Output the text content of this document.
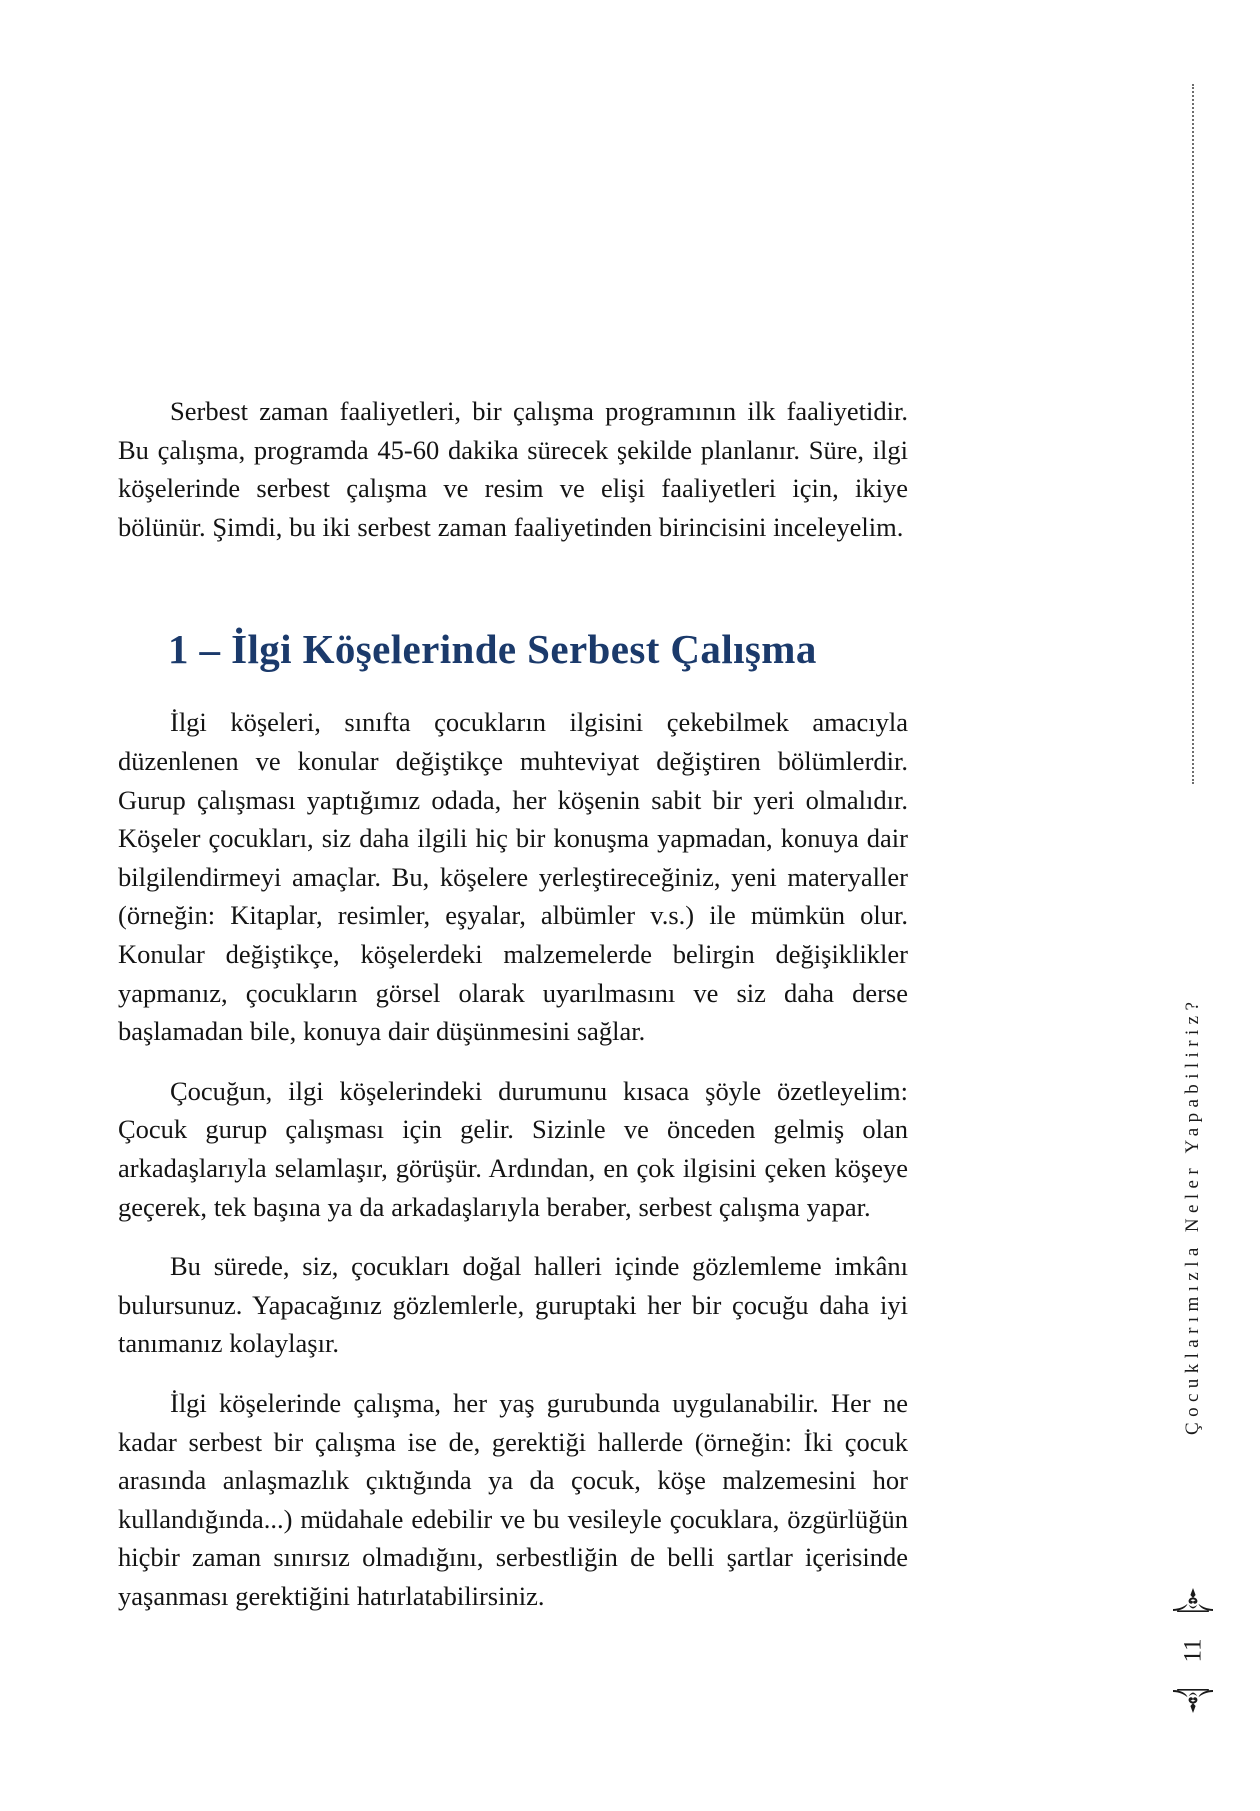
Serbest zaman faaliyetleri, bir çalışma programının ilk faaliyetidir. Bu çalışma, programda 45-60 dakika sürecek şekilde planlanır. Süre, ilgi köşelerinde serbest çalışma ve resim ve elişi faaliyetleri için, ikiye bölünür. Şimdi, bu iki serbest zaman faaliyetinden birincisini inceleyelim.

1 – İlgi Köşelerinde Serbest Çalışma

İlgi köşeleri, sınıfta çocukların ilgisini çekebilmek amacıyla düzenlenen ve konular değiştikçe muhteviyat değiştiren bölümlerdir. Gurup çalışması yaptığımız odada, her köşenin sabit bir yeri olmalıdır. Köşeler çocukları, siz daha ilgili hiç bir konuşma yapmadan, konuya dair bilgilendirmeyi amaçlar. Bu, köşelere yerleştireceğiniz, yeni materyaller (örneğin: Kitaplar, resimler, eşyalar, albümler v.s.) ile mümkün olur. Konular değiştikçe, köşelerdeki malzemelerde belirgin değişiklikler yapmanız, çocukların görsel olarak uyarılmasını ve siz daha derse başlamadan bile, konuya dair düşünmesini sağlar.

Çocuğun, ilgi köşelerindeki durumunu kısaca şöyle özetleyelim: Çocuk gurup çalışması için gelir. Sizinle ve önceden gelmiş olan arkadaşlarıyla selamlaşır, görüşür. Ardından, en çok ilgisini çeken köşeye geçerek, tek başına ya da arkadaşlarıyla beraber, serbest çalışma yapar.

Bu sürede, siz, çocukları doğal halleri içinde gözlemleme imkânı bulursunuz. Yapacağınız gözlemlerle, guruptaki her bir çocuğu daha iyi tanımanız kolaylaşır.

İlgi köşelerinde çalışma, her yaş gurubunda uygulanabilir. Her ne kadar serbest bir çalışma ise de, gerektiği hallerde (örneğin: İki çocuk arasında anlaşmazlık çıktığında ya da çocuk, köşe malzemesini hor kullandığında...) müdahale edebilir ve bu vesileyle çocuklara, özgürlüğün hiçbir zaman sınırsız olmadığını, serbestliğin de belli şartlar içerisinde yaşanması gerektiğini hatırlatabilirsiniz.

Çocuklarımızla Neler Yapabiliriz?
11
